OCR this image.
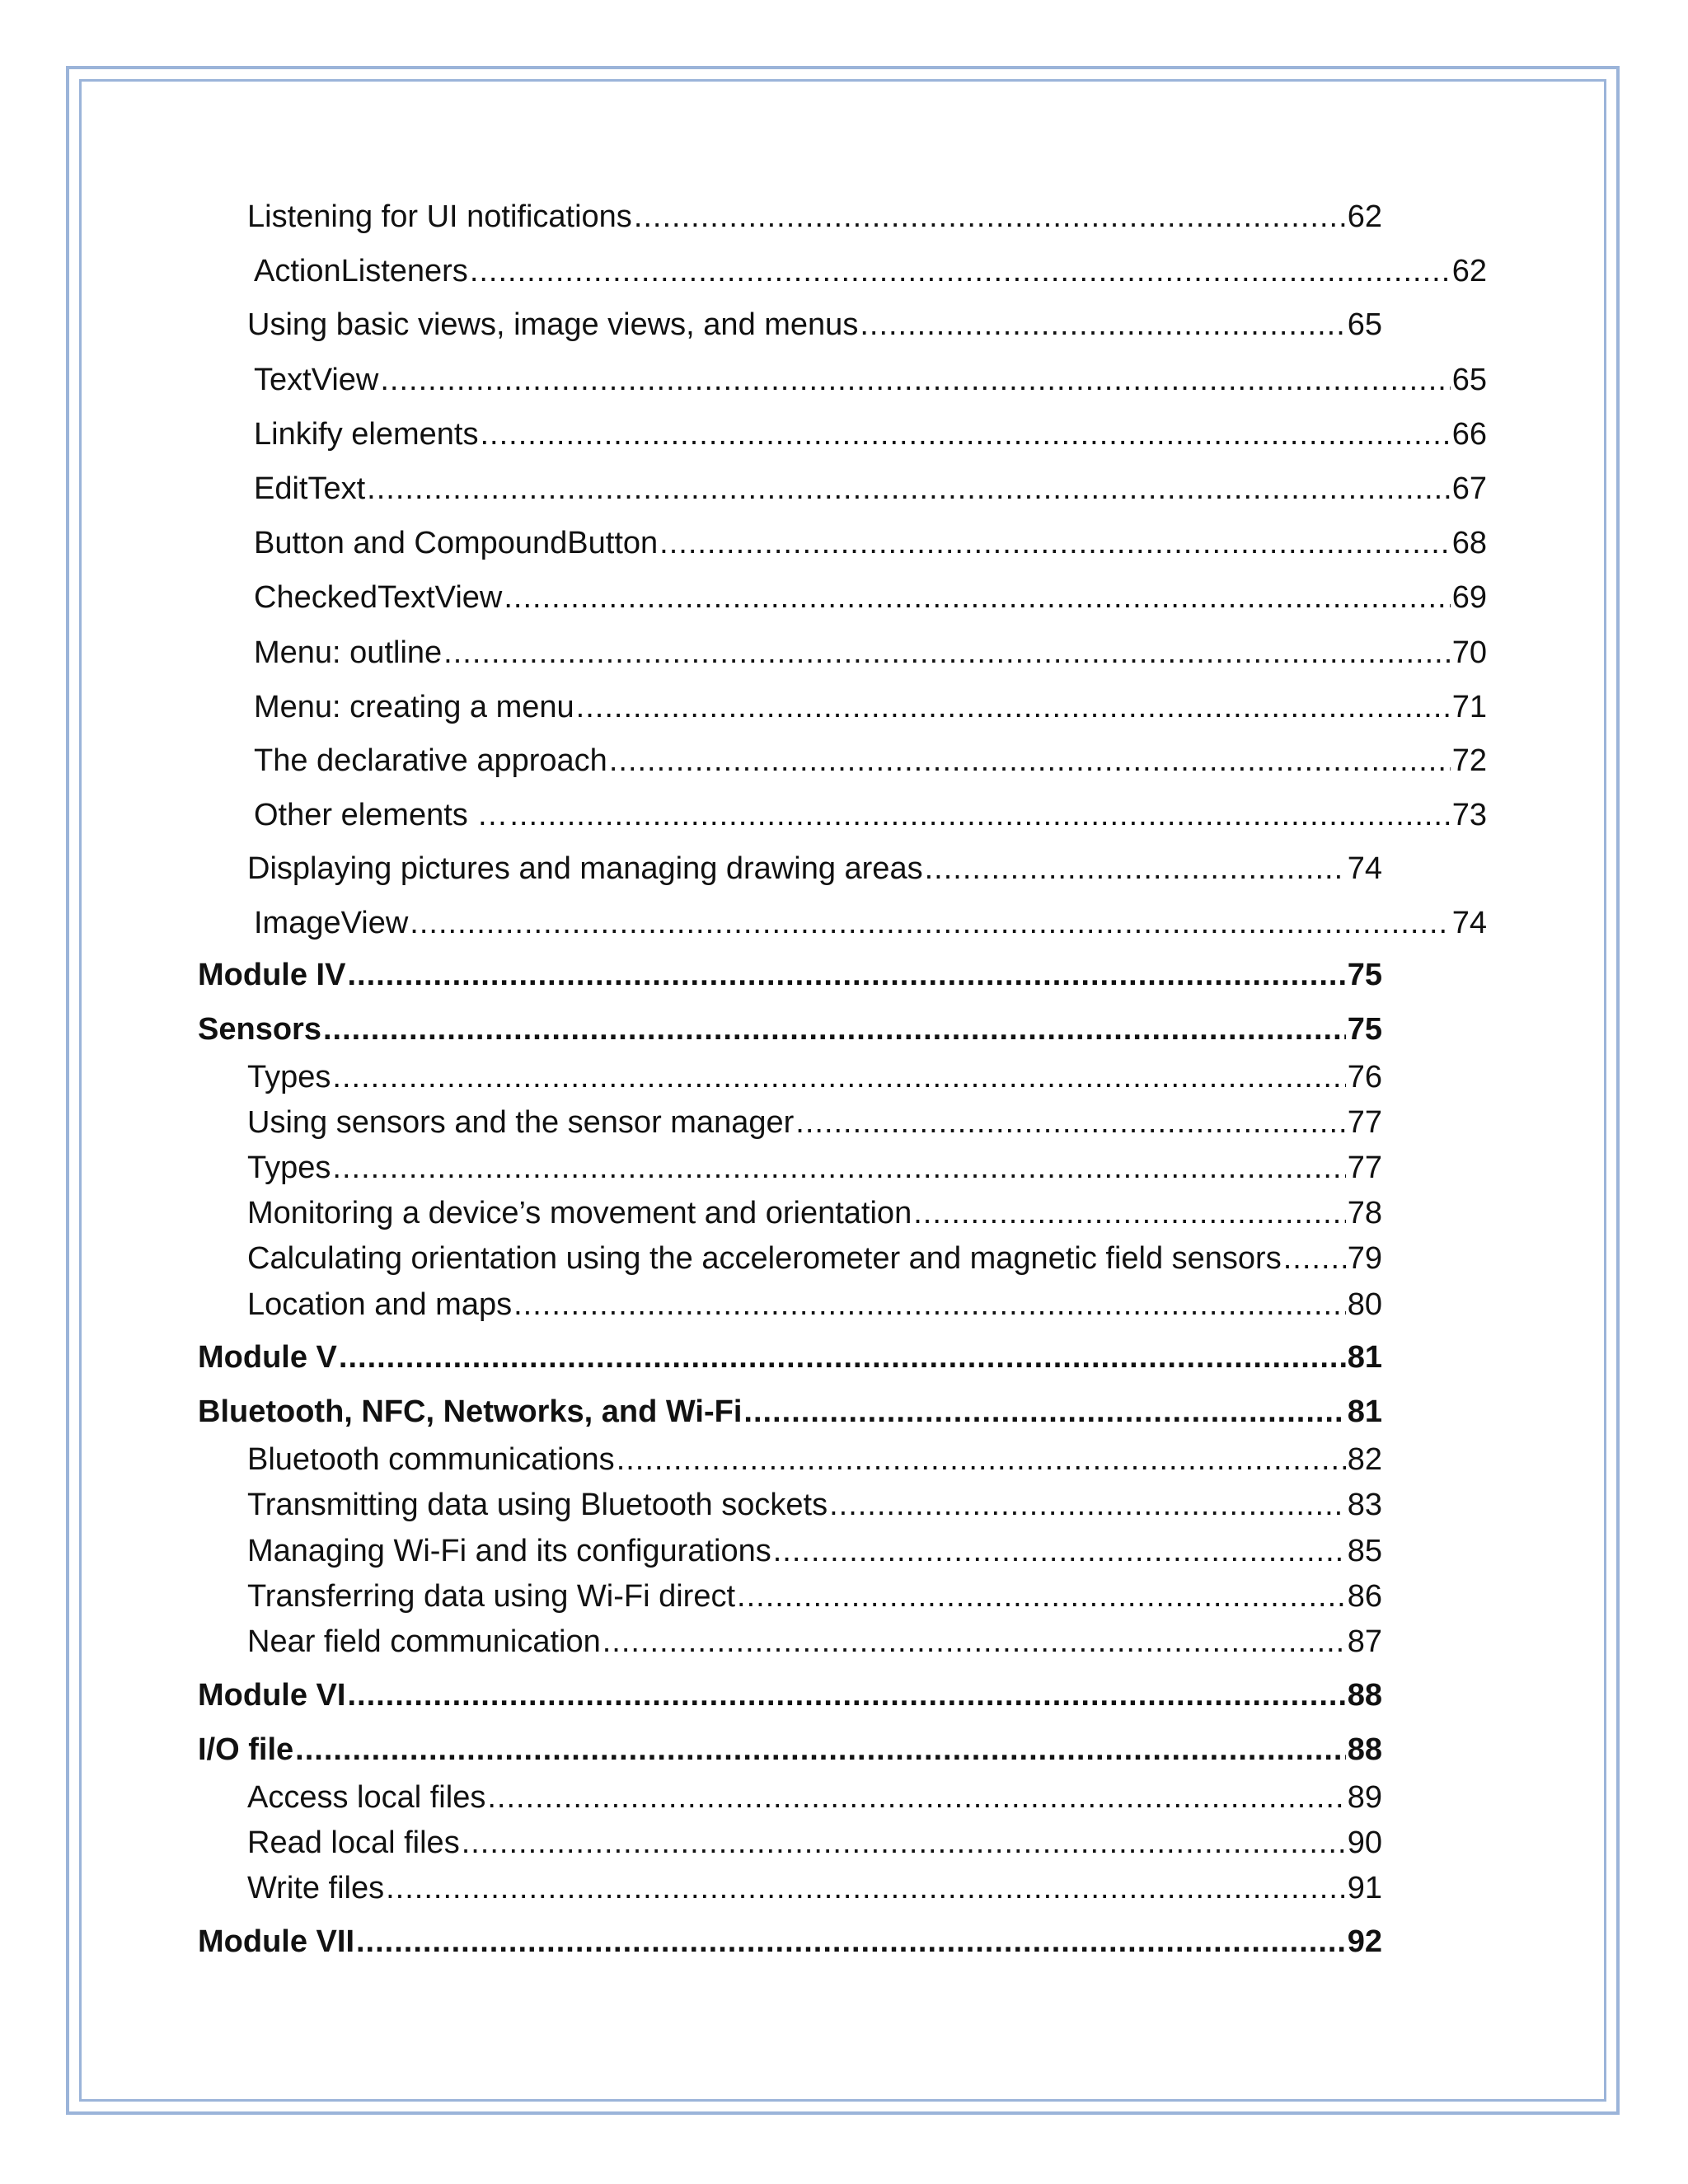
Listening for UI notifications .....	62
ActionListeners .....	62
Using basic views, image views, and menus .....	65
TextView .....	65
Linkify elements .....	66
EditText .....	67
Button and CompoundButton .....	68
CheckedTextView .....	69
Menu: outline .....	70
Menu: creating a menu .....	71
The declarative approach .....	72
Other elements … .....	73
Displaying pictures and managing drawing areas .....	74
ImageView .....	74
Module IV .....	75
Sensors .....	75
Types .....	76
Using sensors and the sensor manager .....	77
Types .....	77
Monitoring a device’s movement and orientation .....	78
Calculating orientation using the accelerometer and magnetic field sensors ..... 79
Location and maps .....	80
Module V .....	81
Bluetooth, NFC, Networks, and Wi-Fi .....	81
Bluetooth communications .....	82
Transmitting data using Bluetooth sockets .....	83
Managing Wi-Fi and its configurations .....	85
Transferring data using Wi-Fi direct .....	86
Near field communication .....	87
Module VI .....	88
I/O file .....	88
Access local files .....	89
Read local files .....	90
Write files .....	91
Module VII .....	92
